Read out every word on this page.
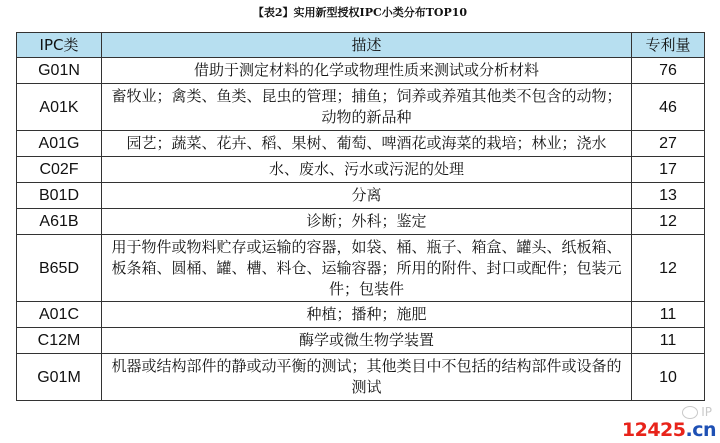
【表2】实用新型授权IPC小类分布TOP10
IPC类	描述	专利量
G01N	借助于测定材料的化学或物理性质来测试或分析材料	76
A01K	畜牧业；禽类、鱼类、昆虫的管理；捕鱼；饲养或养殖其他类不包含的动物；动物的新品种	46
A01G	园艺；蔬菜、花卉、稻、果树、葡萄、啤酒花或海菜的栽培；林业；浇水	27
C02F	水、废水、污水或污泥的处理	17
B01D	分离	13
A61B	诊断；外科；鉴定	12
B65D	用于物件或物料贮存或运输的容器，如袋、桶、瓶子、箱盒、罐头、纸板箱、板条箱、圆桶、罐、槽、料仓、运输容器；所用的附件、封口或配件；包装元件；包装件	12
A01C	种植；播种；施肥	11
C12M	酶学或微生物学装置	11
G01M	机器或结构部件的静或动平衡的测试；其他类目中不包括的结构部件或设备的测试	10
IP
12425.cn
